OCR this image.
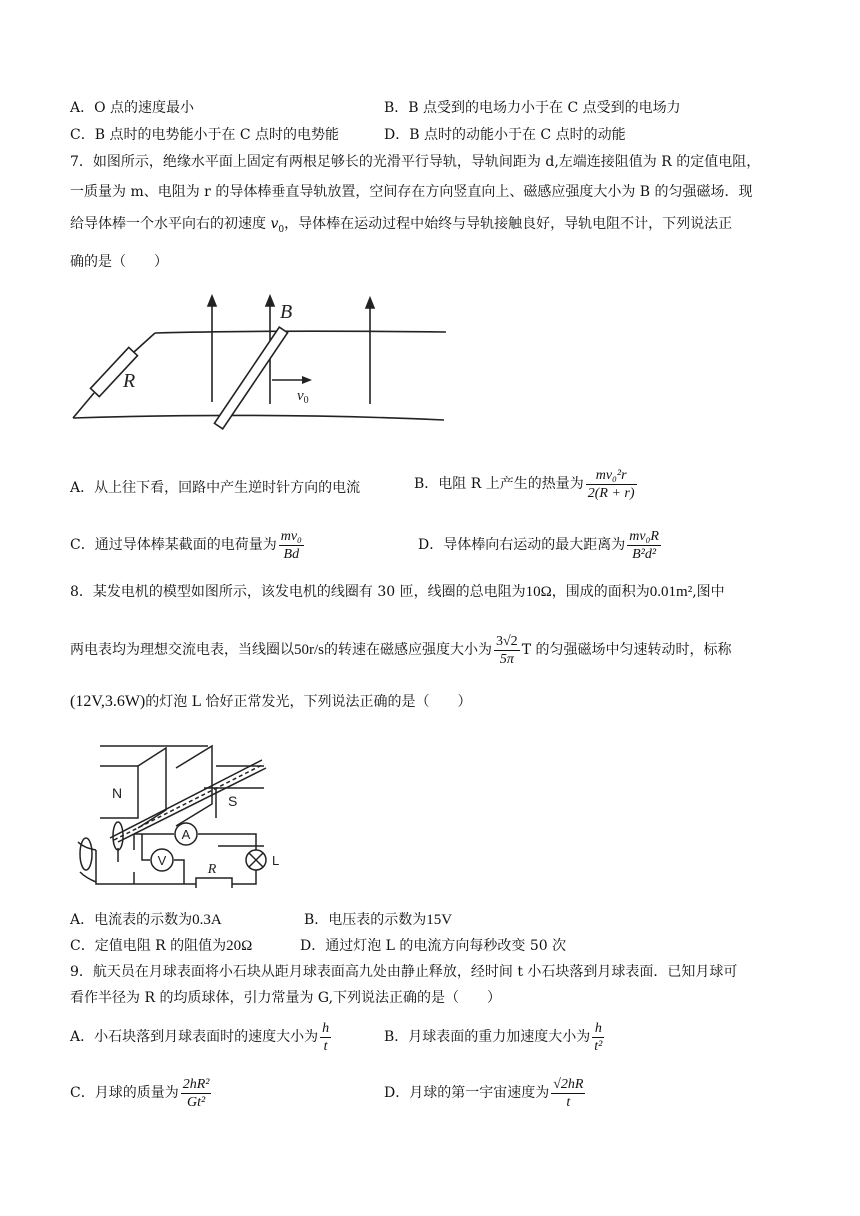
A．O 点的速度最小	B．B 点受到的电场力小于在 C 点受到的电场力
C．B 点时的电势能小于在 C 点时的电势能	D．B 点时的动能小于在 C 点时的动能
7．如图所示，绝缘水平面上固定有两根足够长的光滑平行导轨，导轨间距为 d,左端连接阻值为 R 的定值电阻，
一质量为 m、电阻为 r 的导体棒垂直导轨放置，空间存在方向竖直向上、磁感应强度大小为 B 的匀强磁场．现
给导体棒一个水平向右的初速度 $v_0$，导体棒在运动过程中始终与导轨接触良好，导轨电阻不计，下列说法正
确的是（　　）
R
B
$v_0$
A．从上往下看，回路中产生逆时针方向的电流	B．电阻 R 上产生的热量为 $\frac{\text{mv₀²r}}{2(R + r)}$
C．通过导体棒某截面的电荷量为 $\frac{\text{mv₀}}{Bd}$	D．导体棒向右运动的最大距离为 $\frac{\text{mv₀R}}{\text{B²d²}}$
8．某发电机的模型如图所示，该发电机的线圈有 30 匝，线圈的总电阻为10Ω，围成的面积为0.01m²,图中
两电表均为理想交流电表，当线圈以50r/s的转速在磁感应强度大小为 $\frac{3√2}{5\pi}$ T 的匀强磁场中匀速转动时，标称
(12V,3.6W)的灯泡 L 恰好正常发光，下列说法正确的是（　　）
A
V
R
L
N	S
A．电流表的示数为0.3A	B．电压表的示数为15V
C．定值电阻 R 的阻值为20Ω	D．通过灯泡 L 的电流方向每秒改变 50 次
9．航天员在月球表面将小石块从距月球表面高九处由静止释放，经时间 t 小石块落到月球表面．已知月球可
看作半径为 R 的均质球体，引力常量为 G,下列说法正确的是（　　）
A．小石块落到月球表面时的速度大小为 $\frac{h}{t}$	B．月球表面的重力加速度大小为 $\frac{h}{\text{t²}}$
C．月球的质量为 $\frac{\text{2hR²}}{\text{Gt²}}$	D．月球的第一宇宙速度为 $\frac{√2hR}{t}$
